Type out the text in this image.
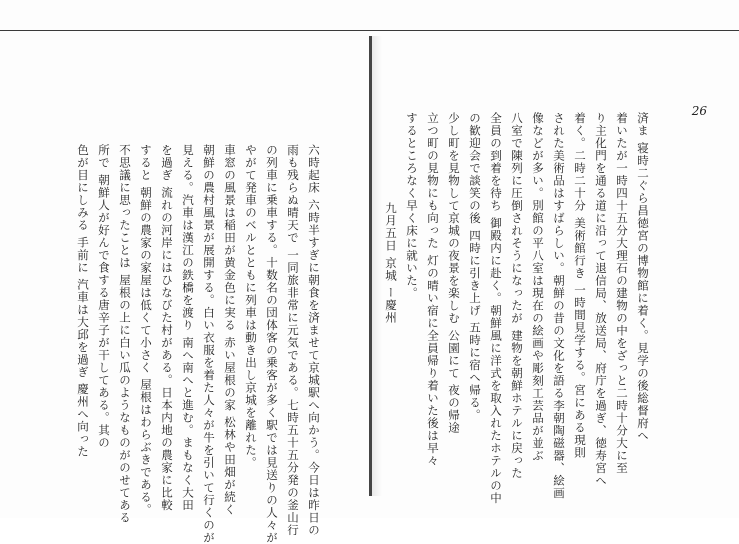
26
済ま 寝時二ぐら昌徳宮の博物館に着く。見学の後総督府へ
着いたが一時四十五分大理石の建物の中をざっと二時十分大に至
り主化門を通る道に沿って退信局、放送局、府庁を過ぎ、徳寿宮へ
着く。二時二十分 美術館行き 一時間見学する。宮にある現則
された美術品はすばらしい。朝鮮の昔の文化を語る李朝陶磁器、絵画
像などが多い。別館の平八室は現在の絵画や彫刻工芸品が並ぶ
八室で陳列に圧倒されそうになったが 建物を朝鮮ホテルに戻った
全員の到着を待ち 御殿内に赴く。朝鮮風に洋式を取入れたホテルの中
の歓迎会で談笑の後 四時に引き上げ 五時に宿へ帰る。
少し町を見物して京城の夜景を楽しむ 公園にて 夜の帰途
立つ町の見物にも向った 灯の晴い宿に全員帰り着いた後は早々
するところなく早く床に就いた。
九月五日 京城 ー慶州
六時起床 六時半すぎに朝食を済ませて京城駅へ向かう。今日は昨日の
雨も残らぬ晴天で 一同旅非常に元気である。七時五十五分発の釜山行
の列車に乗車する。十数名の団体客の乗客が多く駅では見送りの人々が
やがて発車のベルとともに列車は動き出し京城を離れた。
車窓の風景は稲田が黄金色に実る 赤い屋根の家 松林や田畑が続く
朝鮮の農村風景が展開する。白い衣服を着た人々が牛を引いて行くのが
見える。汽車は漢江の鉄橋を渡り 南へ南へと進む。まもなく大田
を過ぎ 流れの河岸にはひなびた村がある。日本内地の農家に比較
すると 朝鮮の農家の家屋は低くて小さく 屋根はわらぶきである。
不思議に思ったことは 屋根の上に白い瓜のようなものがのせてある
所で 朝鮮人が好んで食する唐辛子が干してある。其の
色が目にしみる 手前に 汽車は大邱を過ぎ 慶州へ向った
